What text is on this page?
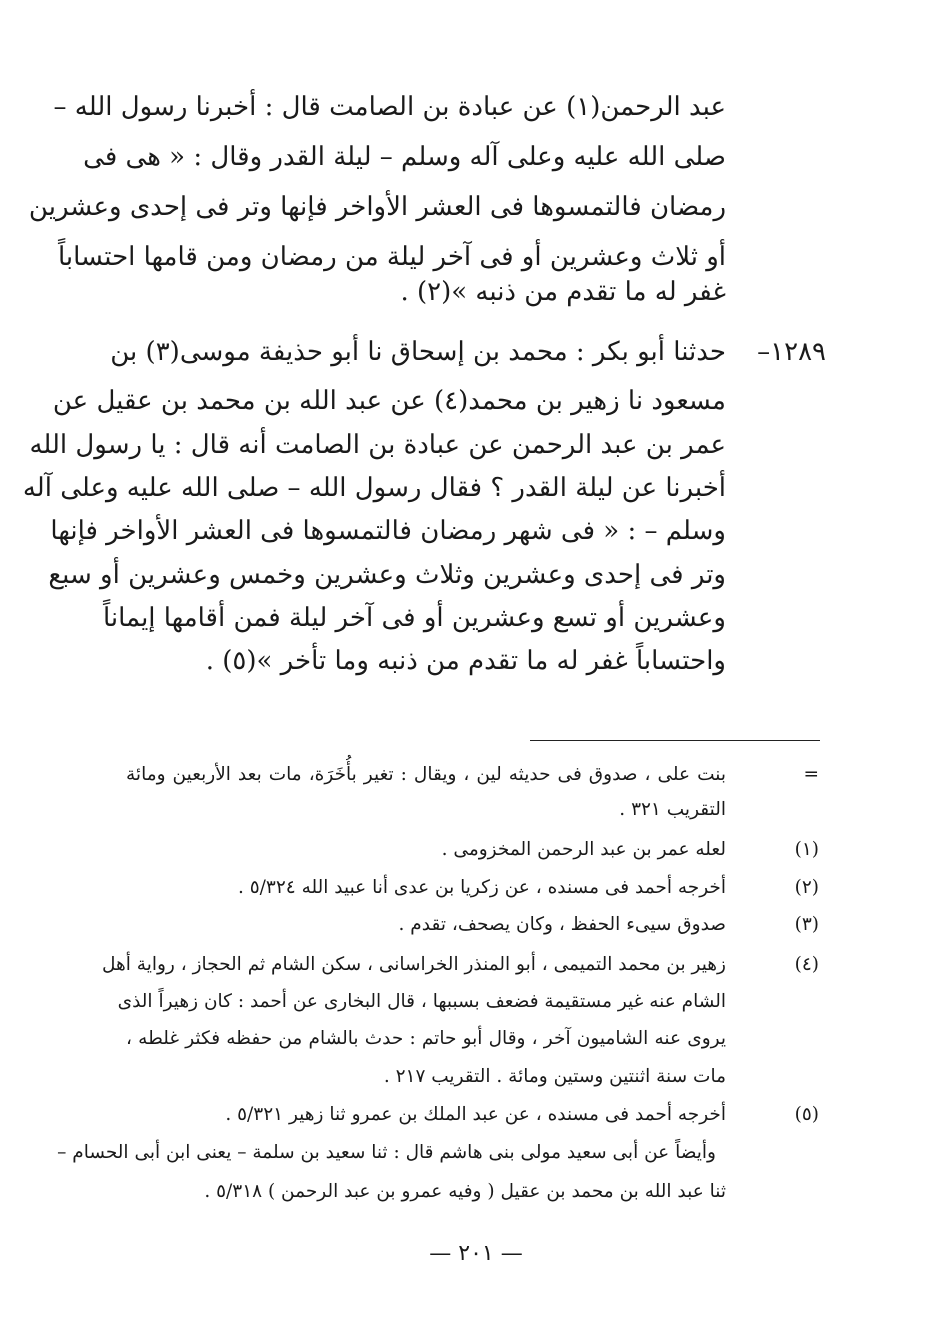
عبد الرحمن(١) عن عبادة بن الصامت قال : أخبرنا رسول الله –
صلى الله عليه وعلى آله وسلم – ليلة القدر وقال : « هى فى
رمضان فالتمسوها فى العشر الأواخر فإنها وتر فى إحدى وعشرين
أو ثلاث وعشرين أو فى آخر ليلة من رمضان ومن قامها احتساباً
غفر له ما تقدم من ذنبه »(٢) .
١٢٨٩–
حدثنا أبو بكر : محمد بن إسحاق نا أبو حذيفة موسى(٣) بن
مسعود نا زهير بن محمد(٤) عن عبد الله بن محمد بن عقيل عن
عمر بن عبد الرحمن عن عبادة بن الصامت أنه قال : يا رسول الله
أخبرنا عن ليلة القدر ؟ فقال رسول الله – صلى الله عليه وعلى آله
وسلم – : « فى شهر رمضان فالتمسوها فى العشر الأواخر فإنها
وتر فى إحدى وعشرين وثلاث وعشرين وخمس وعشرين أو سبع
وعشرين أو تسع وعشرين أو فى آخر ليلة فمن أقامها إيماناً
واحتساباً غفر له ما تقدم من ذنبه وما تأخر »(٥) .
=
بنت على ، صدوق فى حديثه لين ، ويقال : تغير بأُخَرَة، مات بعد الأربعين ومائة
التقريب ٣٢١ .
(١)
لعله عمر بن عبد الرحمن المخزومى .
(٢)
أخرجه أحمد فى مسنده ، عن زكريا بن عدى أنا عبيد الله ٥/٣٢٤ .
(٣)
صدوق سيىء الحفظ ، وكان يصحف، تقدم .
(٤)
زهير بن محمد التميمى ، أبو المنذر الخراسانى ، سكن الشام ثم الحجاز ، رواية أهل
الشام عنه غير مستقيمة فضعف بسببها ، قال البخارى عن أحمد : كان زهيراً الذى
يروى عنه الشاميون آخر ، وقال أبو حاتم : حدث بالشام من حفظه فكثر غلطه ،
مات سنة اثنتين وستين ومائة . التقريب ٢١٧ .
(٥)
أخرجه أحمد فى مسنده ، عن عبد الملك بن عمرو ثنا زهير ٥/٣٢١ .
وأيضاً عن أبى سعيد مولى بنى هاشم قال : ثنا سعيد بن سلمة – يعنى ابن أبى الحسام –
ثنا عبد الله بن محمد بن عقيل ( وفيه عمرو بن عبد الرحمن ) ٥/٣١٨ .
— ٢٠١ —
